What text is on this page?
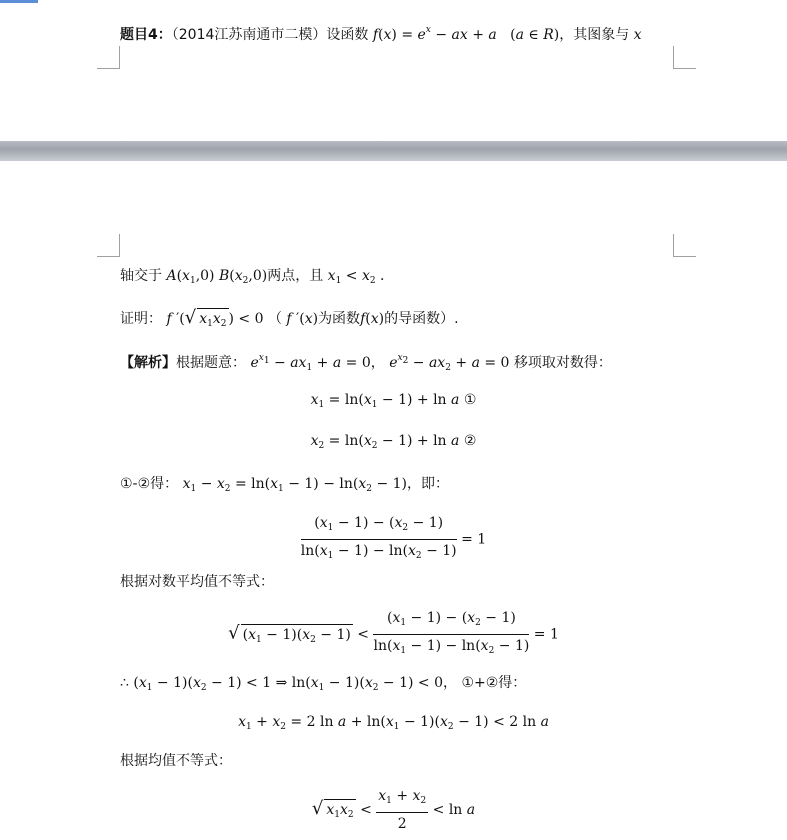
题目4：（2014江苏南通市二模）设函数 $f(x) = e^x$ − ax + a   (a ∈ R)，其图象与 x
轴交于 $A(x_1,0)$ $B(x_2,0)$两点，且 $x_1 < x_2$ .
证明： f ′(√ $x_1x_2$ ) < 0 （ f ′(x)为函数f(x)的导函数）.
【解析】根据题意： $e^{x_1} - ax_1 + a = 0$， $e^{x_2} - ax_2 + a = 0$ 移项取对数得：
$x_1 = \ln(x_1 - 1) + \ln a$ ①
$x_2 = \ln(x_2 - 1) + \ln a$ ②
①-②得： $x_1 - x_2 = \ln(x_1 - 1) - \ln(x_2 - 1)$，即：
$\frac{(x_1 - 1) - (x_2 - 1)}{\ln(x_1 - 1) - \ln(x_2 - 1)} = 1$
根据对数平均值不等式：
√ $(x_1 - 1)(x_2 - 1) < \frac{(x_1 - 1) - (x_2 - 1)}{\ln(x_1 - 1) - \ln(x_2 - 1)} = 1$
∴ $(x_1 - 1)(x_2 - 1) < 1$ ⇒ $\ln(x_1 - 1)(x_2 - 1) < 0$， ①+②得：
$x_1 + x_2 = 2$ $\ln a + \ln(x_1 - 1)(x_2 - 1) < 2$ ln a
根据均值不等式：
√ $x_1x_2 < \frac{x_1 + x_2}{2} < \ln a$
